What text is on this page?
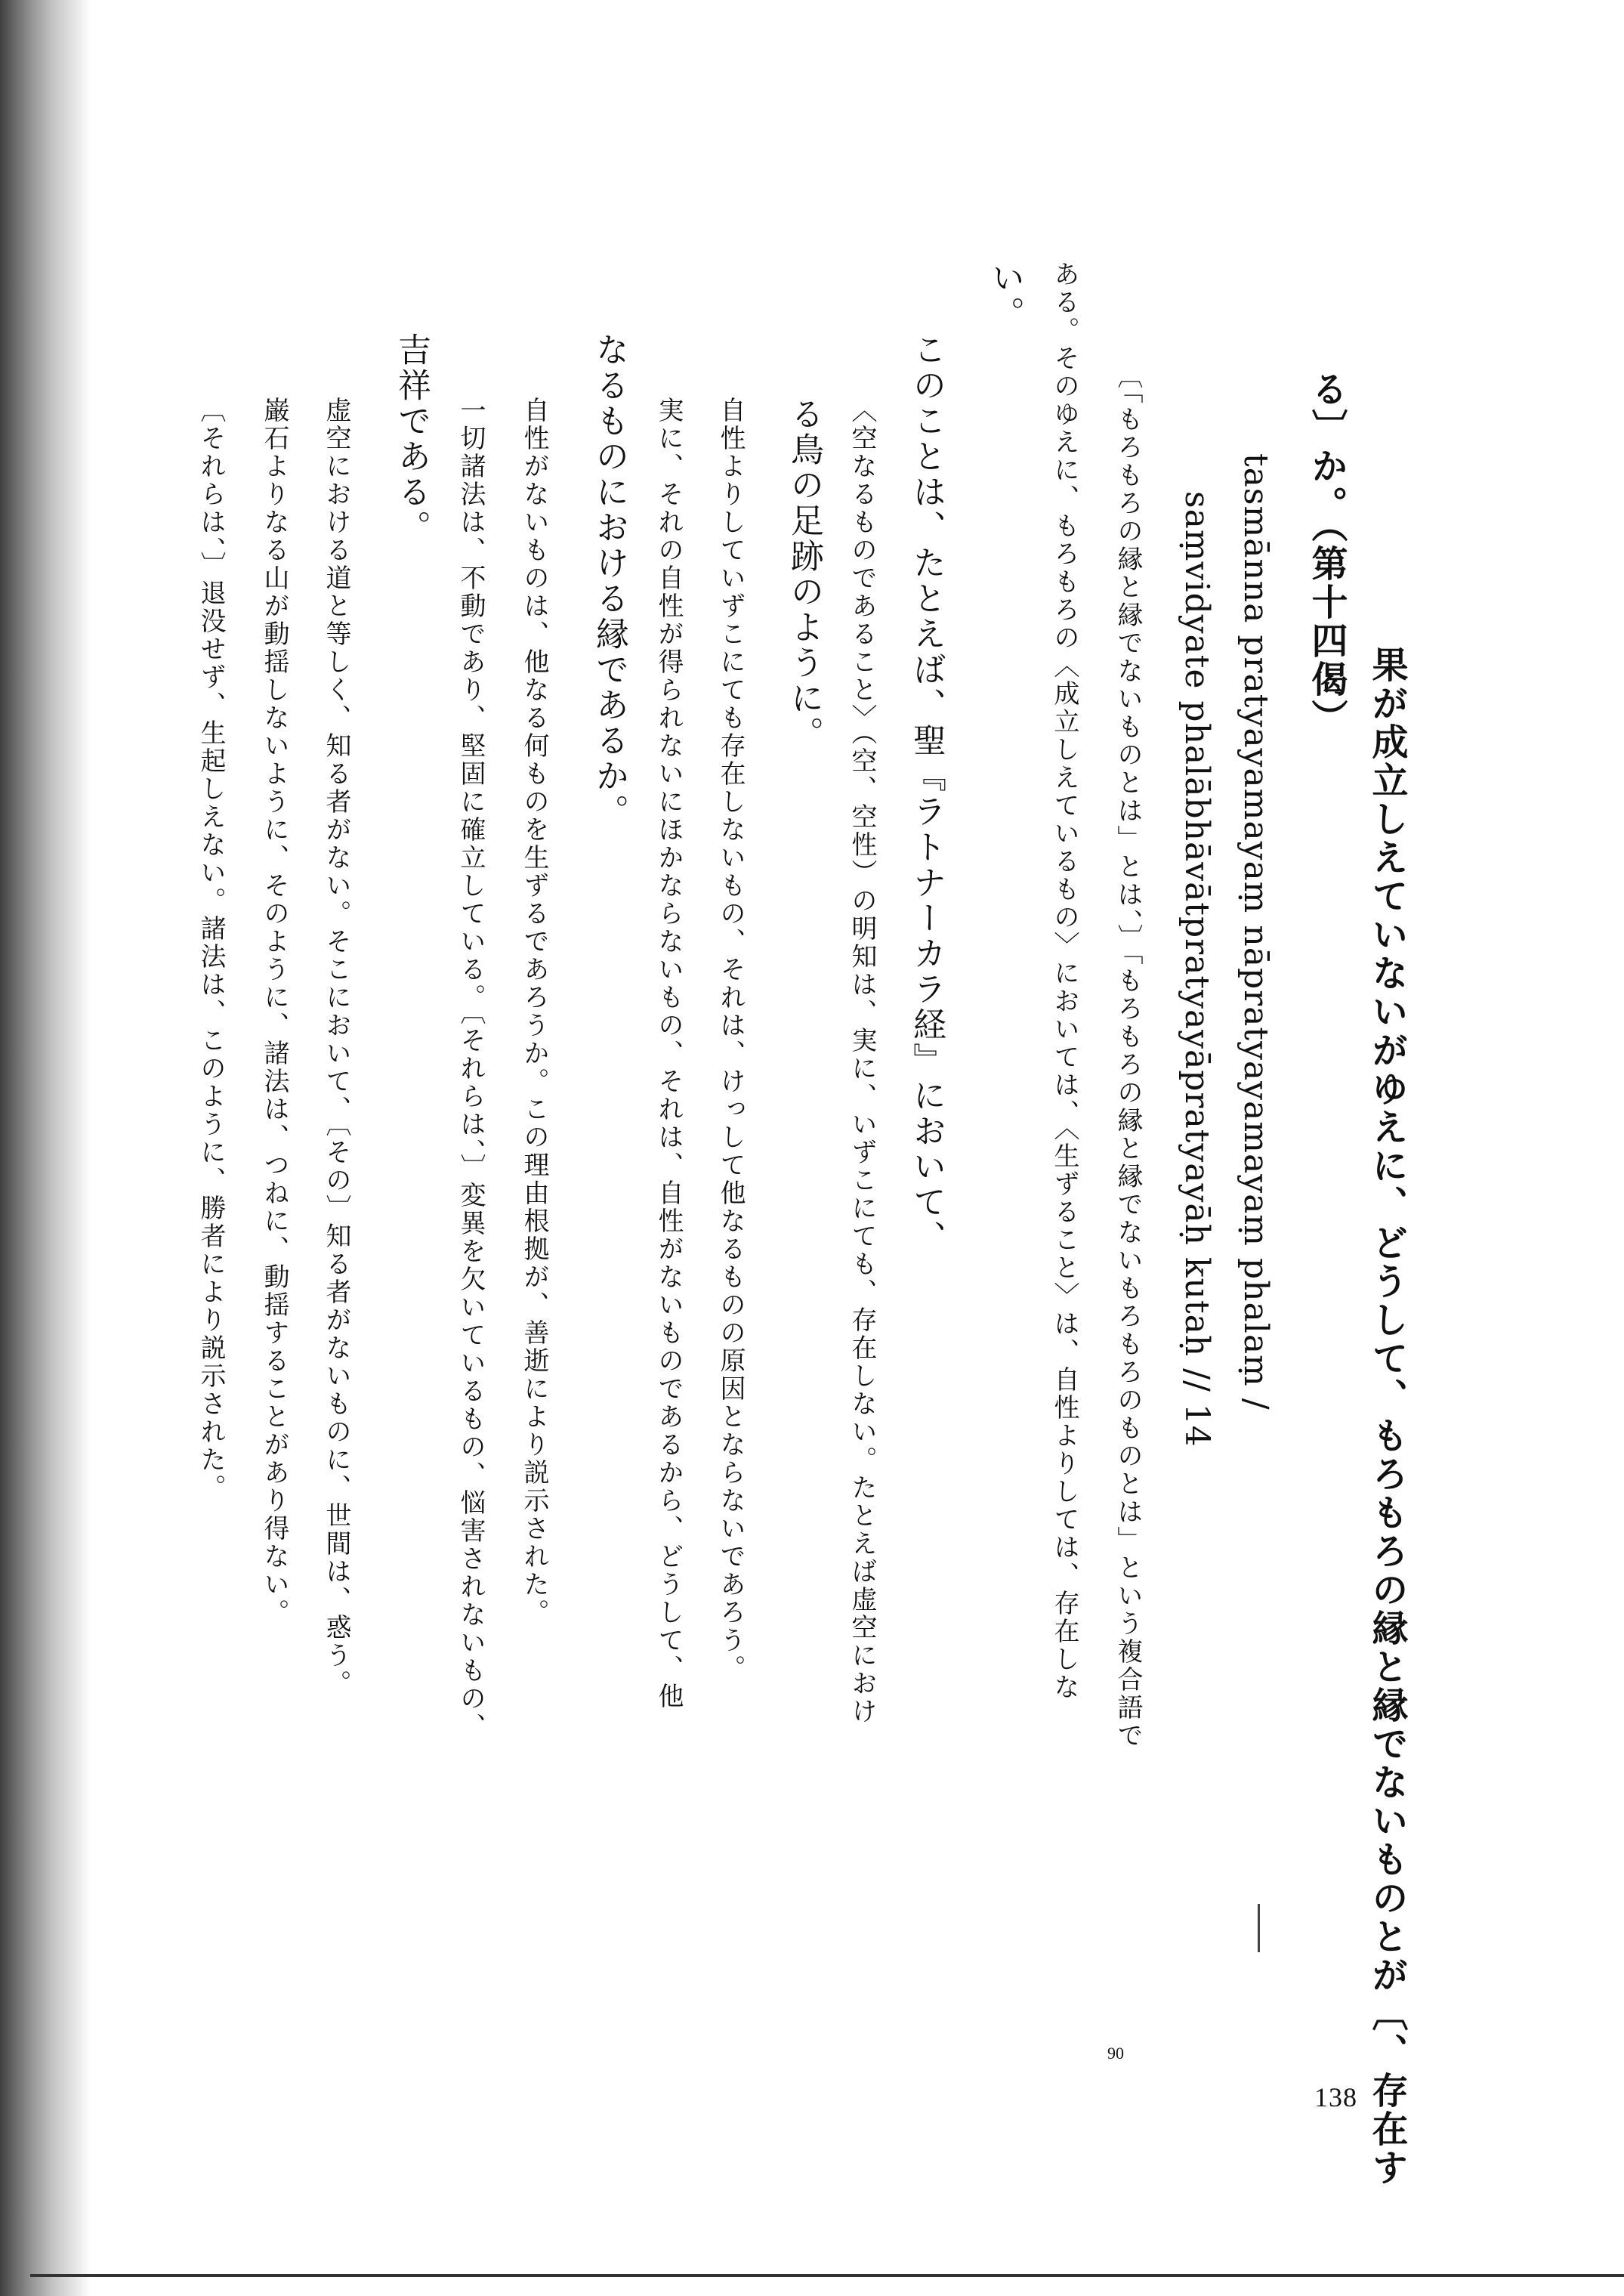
果が成立しえていないがゆえに、どうして、もろもろの縁と縁でないものとが〔、存在す
る〕か。（第十四偈）
tasmānna pratyayamayaṃ nāpratyayamayaṃ phalaṃ /
saṃvidyate phalābhāvātpratyayāpratyayāḥ kutaḥ // 14
〔「もろもろの縁と縁でないものとは」とは、〕「もろもろの縁と縁でないもろもろのものとは」という複合語で
ある。そのゆえに、もろもろの〈成立しえているもの〉においては、〈生ずること〉は、自性よりしては、存在しな
い。
このことは、たとえば、聖『ラトナーカラ経』において、
〈空なるものであること〉（空、空性）の明知は、実に、いずこにても、存在しない。たとえば虚空におけ
る鳥の足跡のように。
自性よりしていずこにても存在しないもの、それは、けっして他なるものの原因とならないであろう。
実に、それの自性が得られないにほかならないもの、それは、自性がないものであるから、どうして、他
なるものにおける縁であるか。
自性がないものは、他なる何ものを生ずるであろうか。この理由根拠が、善逝により説示された。
一切諸法は、不動であり、堅固に確立している。〔それらは、〕変異を欠いているもの、悩害されないもの、
吉祥である。
虚空における道と等しく、知る者がない。そこにおいて、〔その〕知る者がないものに、世間は、惑う。
巌石よりなる山が動揺しないように、そのように、諸法は、つねに、動揺することがあり得ない。
〔それらは、〕退没せず、生起しえない。諸法は、このように、勝者により説示された。
90
138
